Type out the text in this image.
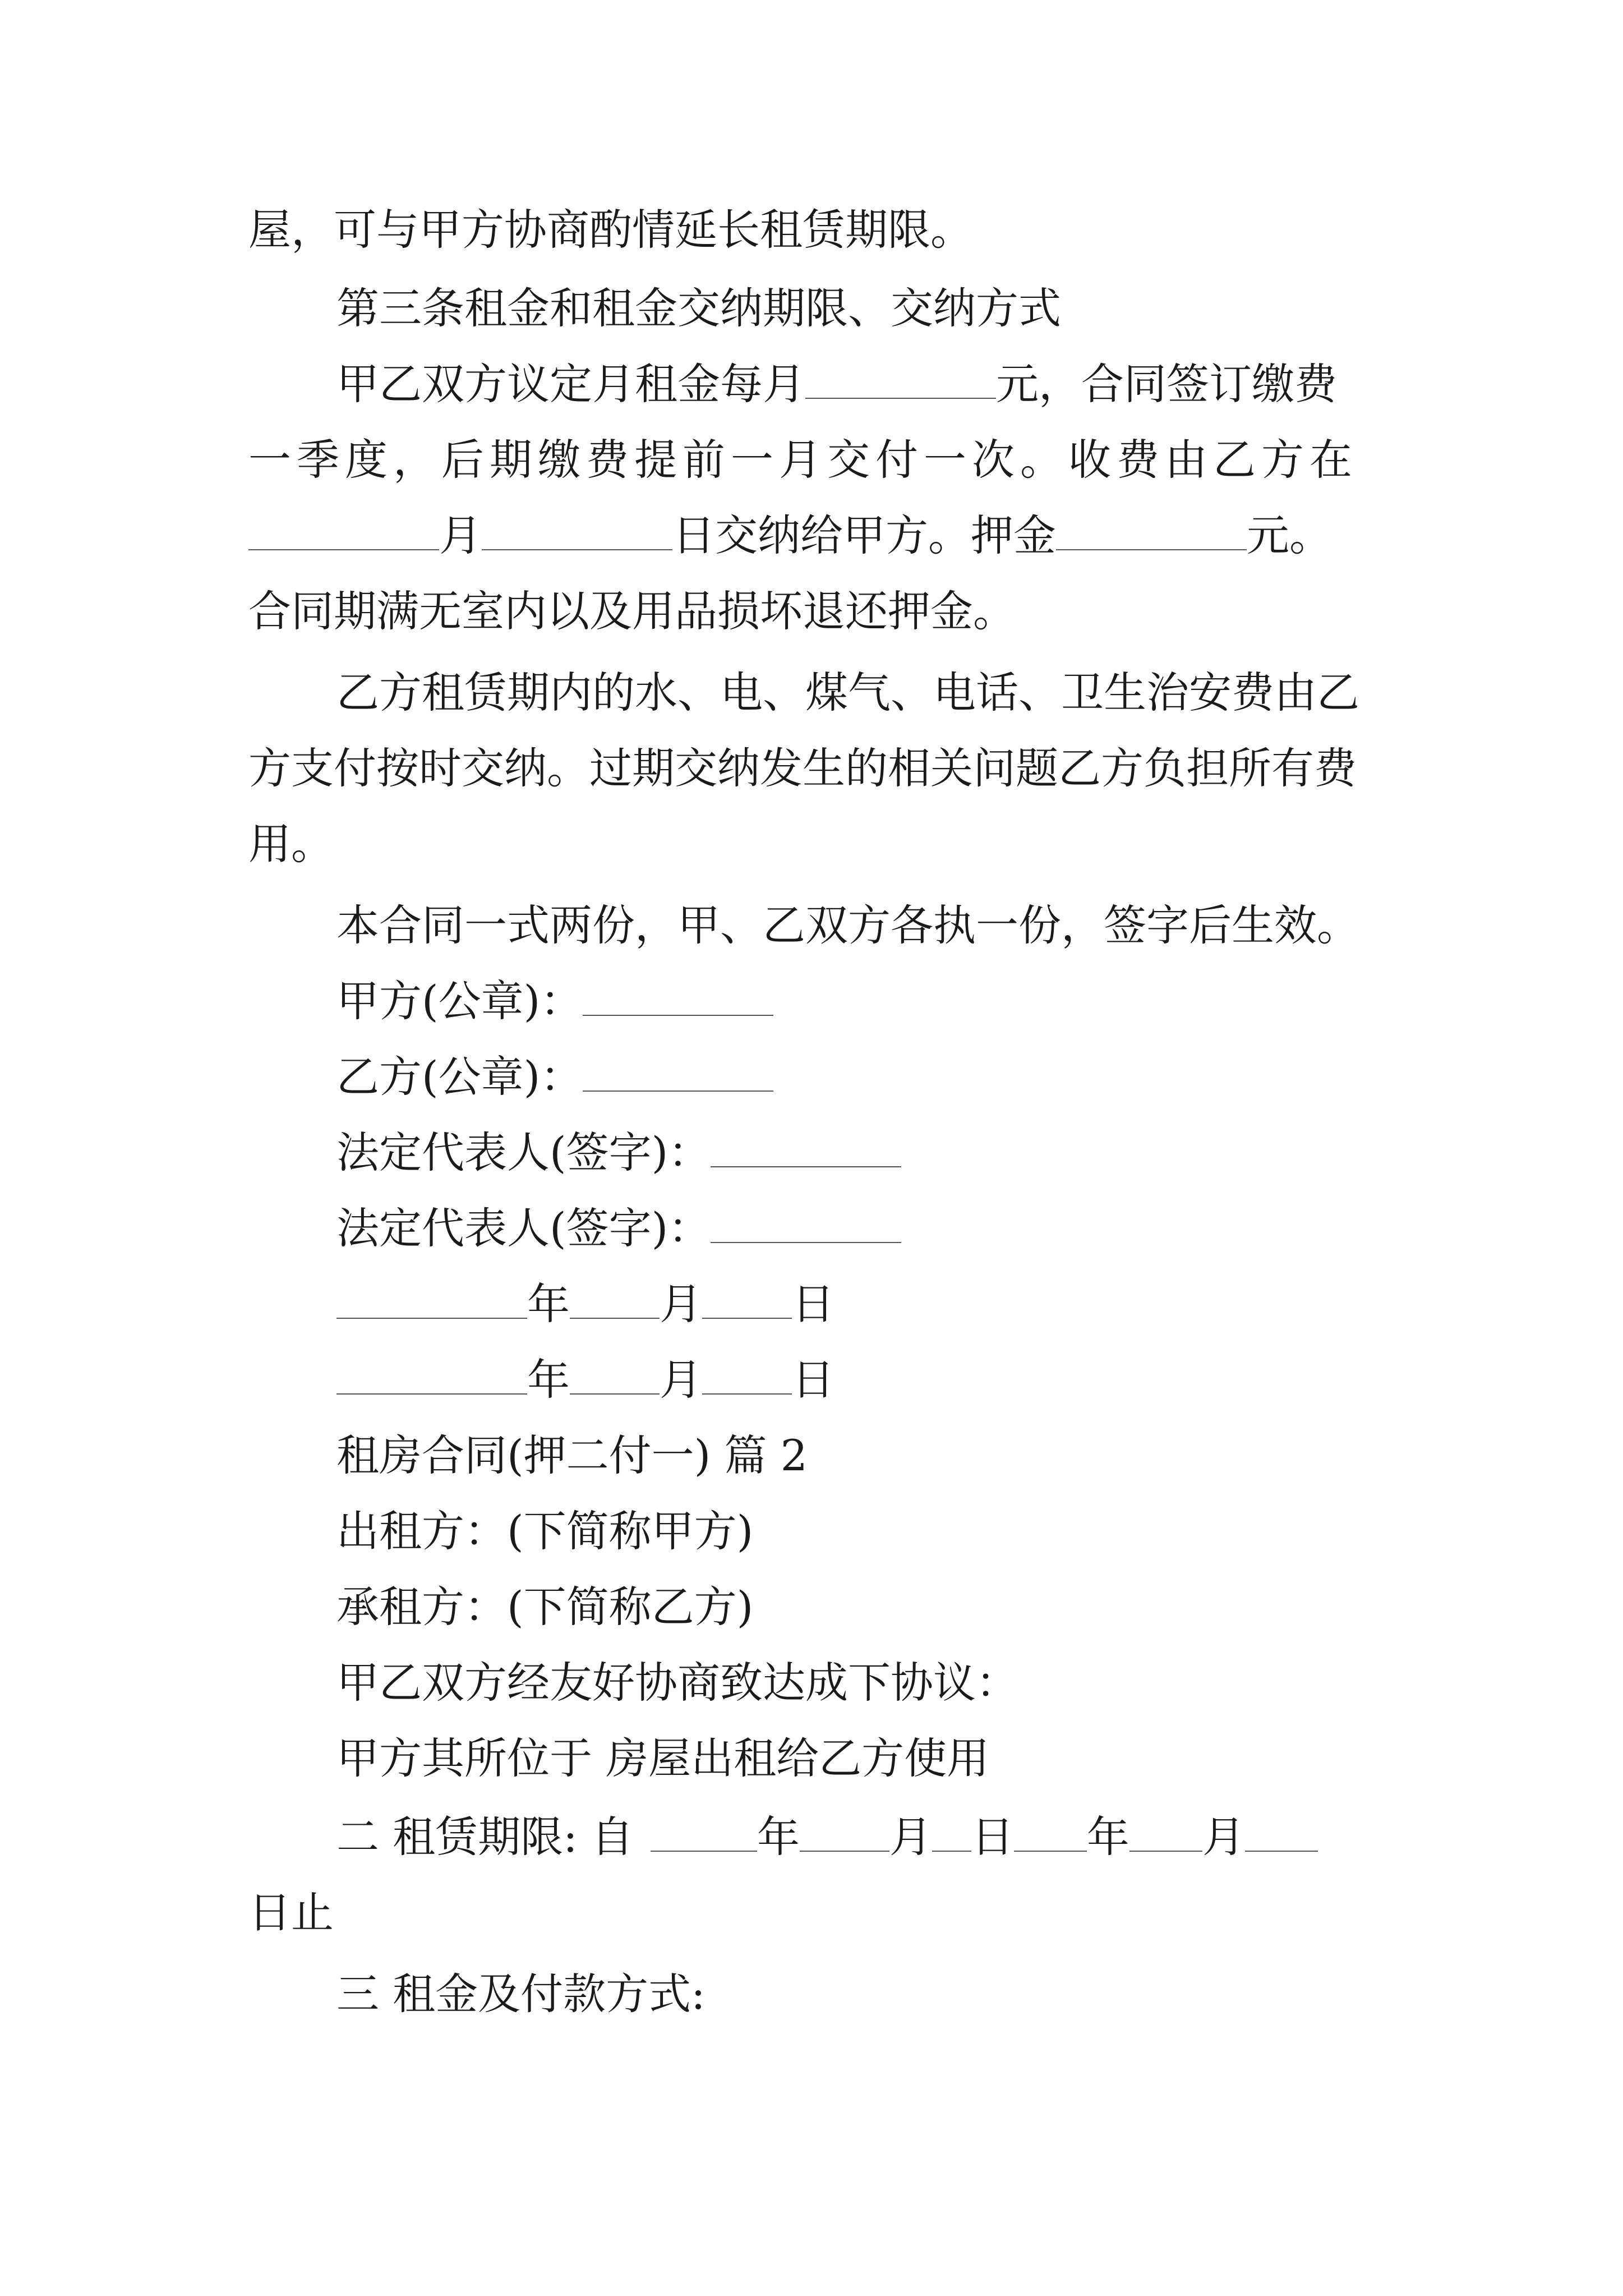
屋，可与甲方协商酌情延长租赁期限。
第三条租金和租金交纳期限、交纳方式
甲乙双方议定月租金每月	元，合同签订缴费
一季度，后期缴费提前一月交付一次。收费由乙方在
月	日交纳给甲方。押金	元。
合同期满无室内以及用品损坏退还押金。
乙方租赁期内的水、电、煤气、电话、卫生治安费由乙
方支付按时交纳。过期交纳发生的相关问题乙方负担所有费
用。
本合同一式两份，甲、乙双方各执一份，签字后生效。
甲方(公章)：
乙方(公章)：
法定代表人(签字)：
法定代表人(签字)：
年 月 日
年 月 日
租房合同(押二付一) 篇 2
出租方：(下简称甲方)
承租方：(下简称乙方)
甲乙双方经友好协商致达成下协议：
甲方其所位于 房屋出租给乙方使用
二 租赁期限: 自	年 月 日 年 月
日止
三 租金及付款方式:
